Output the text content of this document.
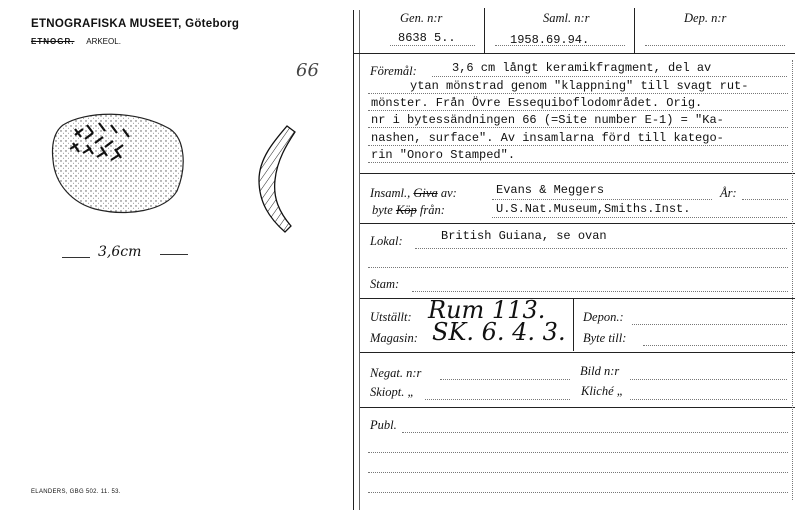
ETNOGRAFISKA MUSEET, Göteborg
ETNOGR. ARKEOL.
66
3,6cm
ELANDERS, GBG 502. 11. 53.
Gen. n:r
8638 5..
Saml. n:r
1958.69.94.
Dep. n:r
Föremål:	3,6 cm långt keramikfragment, del av
ytan mönstrad genom "klappning" till svagt rut-
mönster. Från Övre Essequiboflodområdet. Orig.
nr i bytessändningen 66 (=Site number E-1) = "Ka-
nashen, surface". Av insamlarna förd till katego-
rin "Onoro Stamped".
Insaml., Giva av:	Evans & Meggers	År:
byte Köp från:	U.S.Nat.Museum,Smiths.Inst.
Lokal:	British Guiana, se ovan
Stam:
Utställt: Rum 113.
Magasin: SK. 6. 4. 3.
Depon.:
Byte till:
Negat. n:r	Bild n:r
Skiopt. „	Kliché „
Publ.
